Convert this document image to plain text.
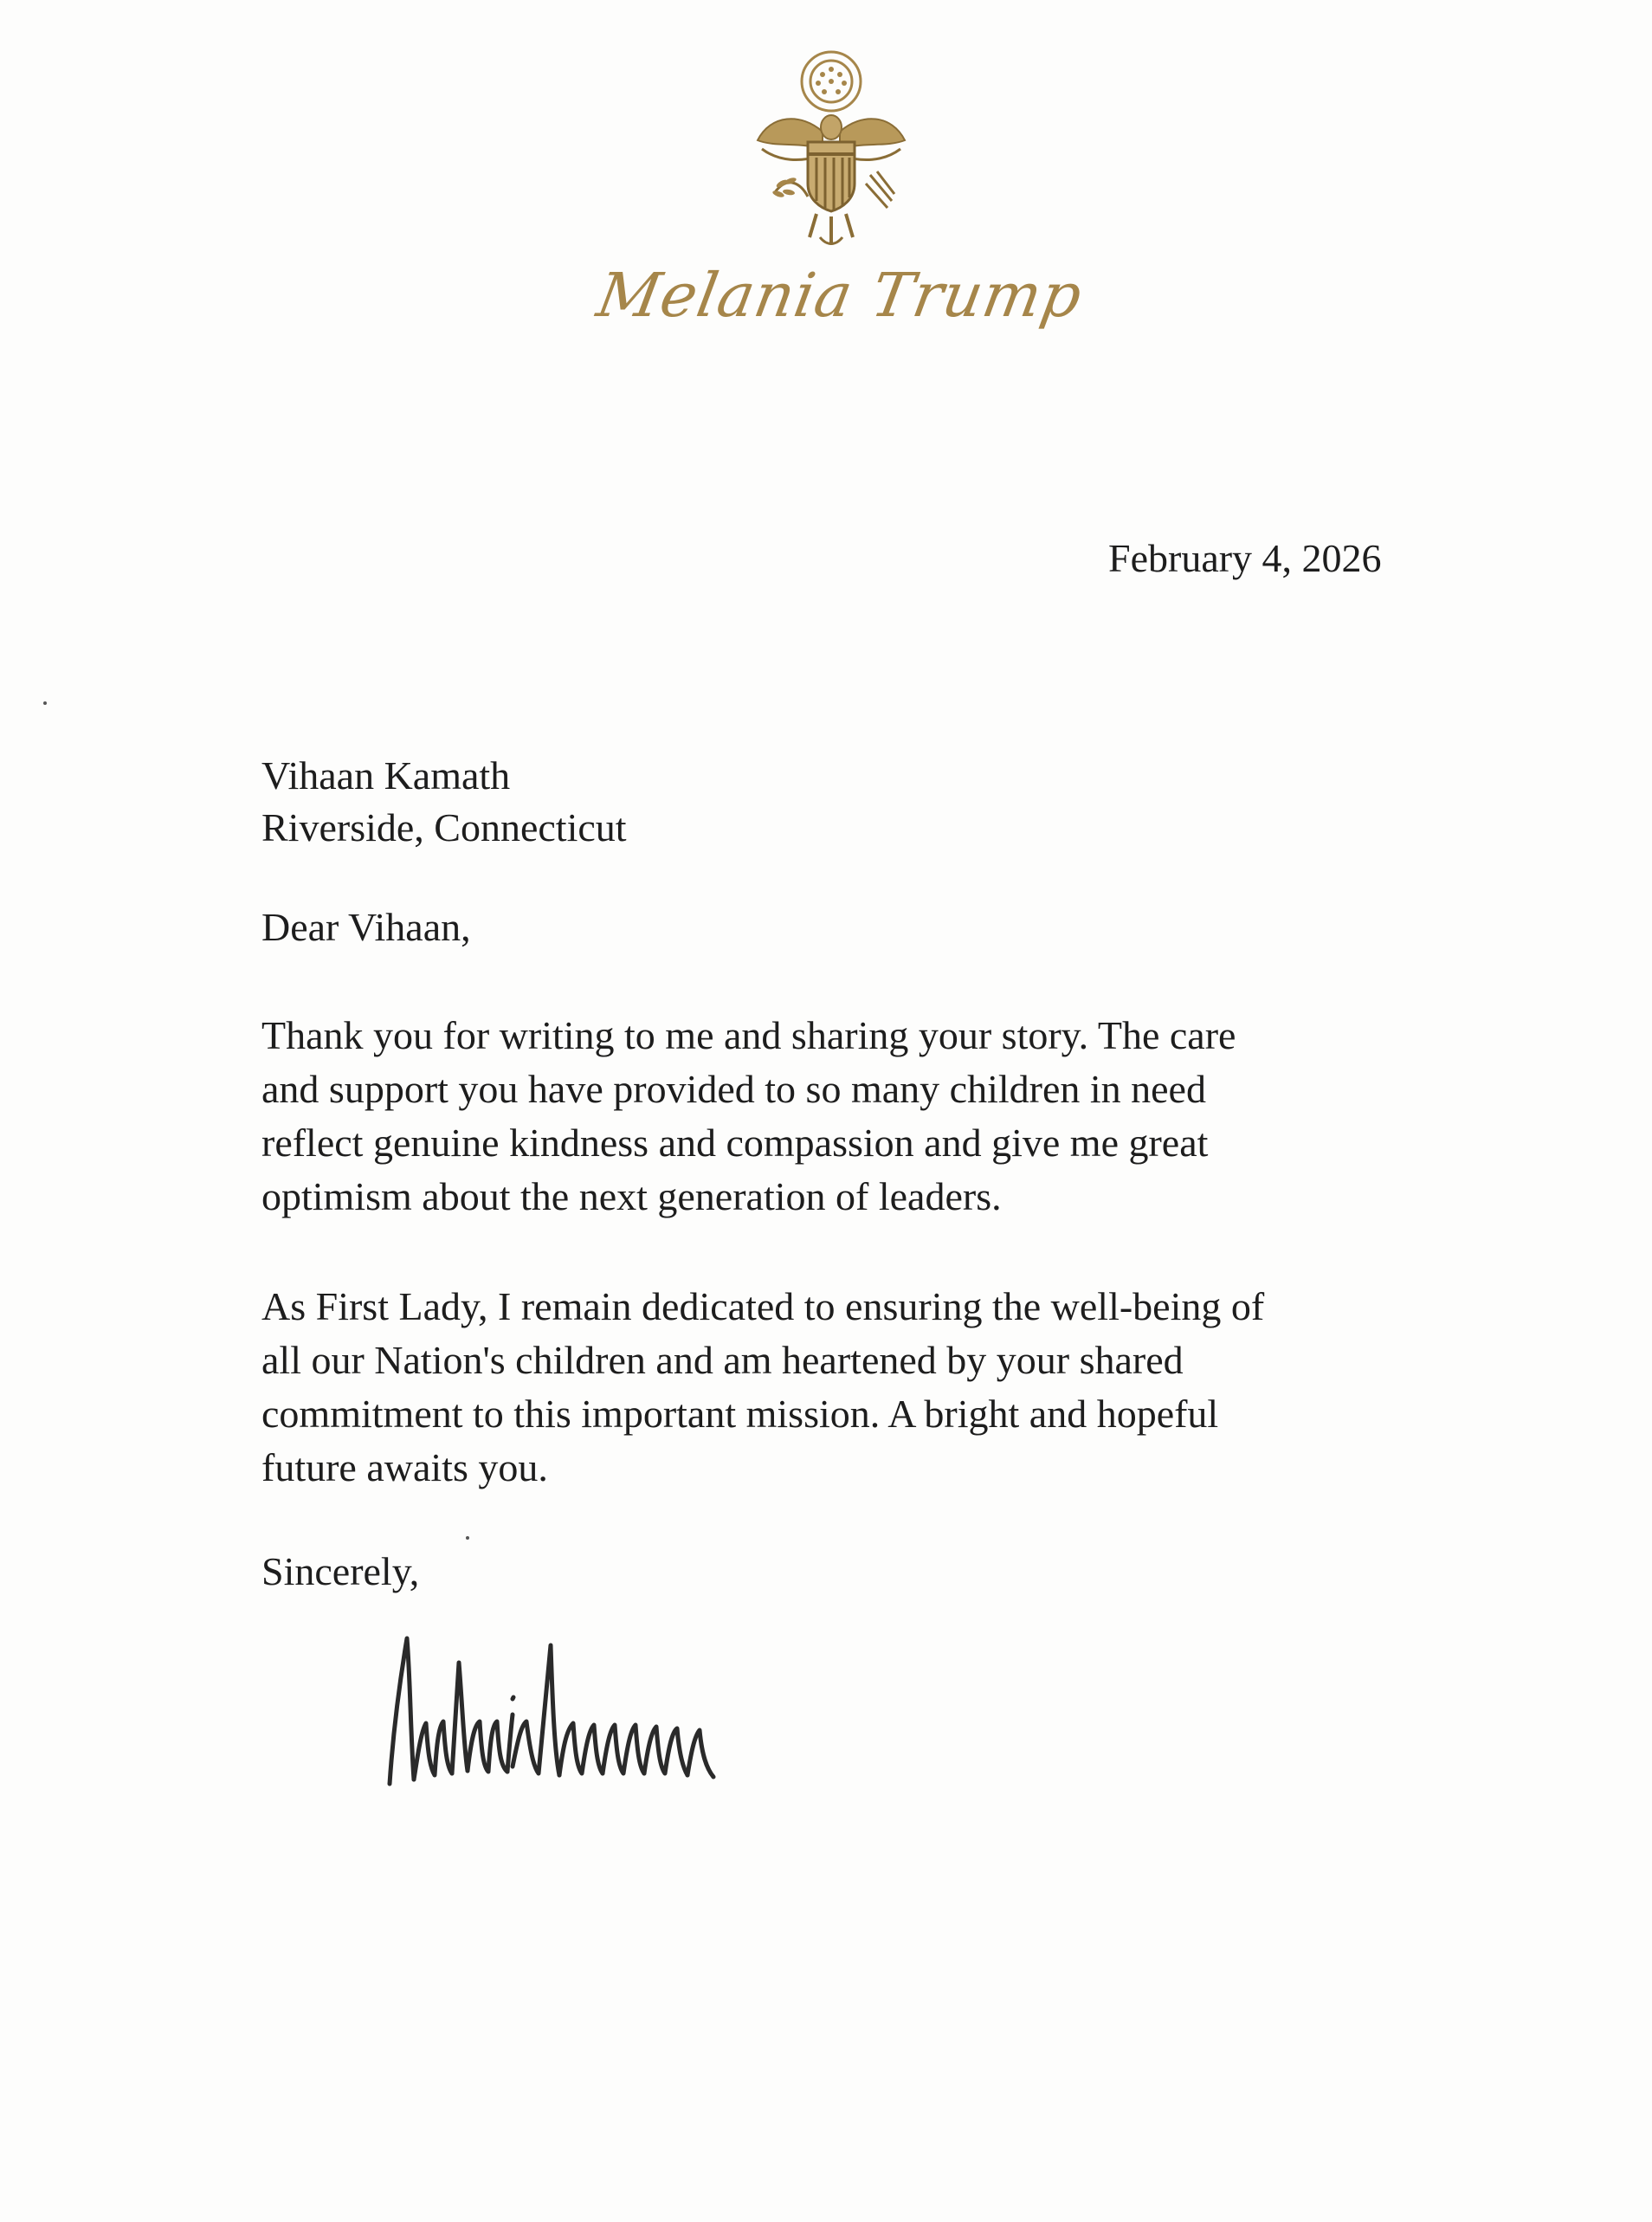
Melania Trump
February 4, 2026
Vihaan Kamath
Riverside, Connecticut
Dear Vihaan,
Thank you for writing to me and sharing your story. The care
and support you have provided to so many children in need
reflect genuine kindness and compassion and give me great
optimism about the next generation of leaders.
As First Lady, I remain dedicated to ensuring the well-being of
all our Nation's children and am heartened by your shared
commitment to this important mission. A bright and hopeful
future awaits you.
Sincerely,
